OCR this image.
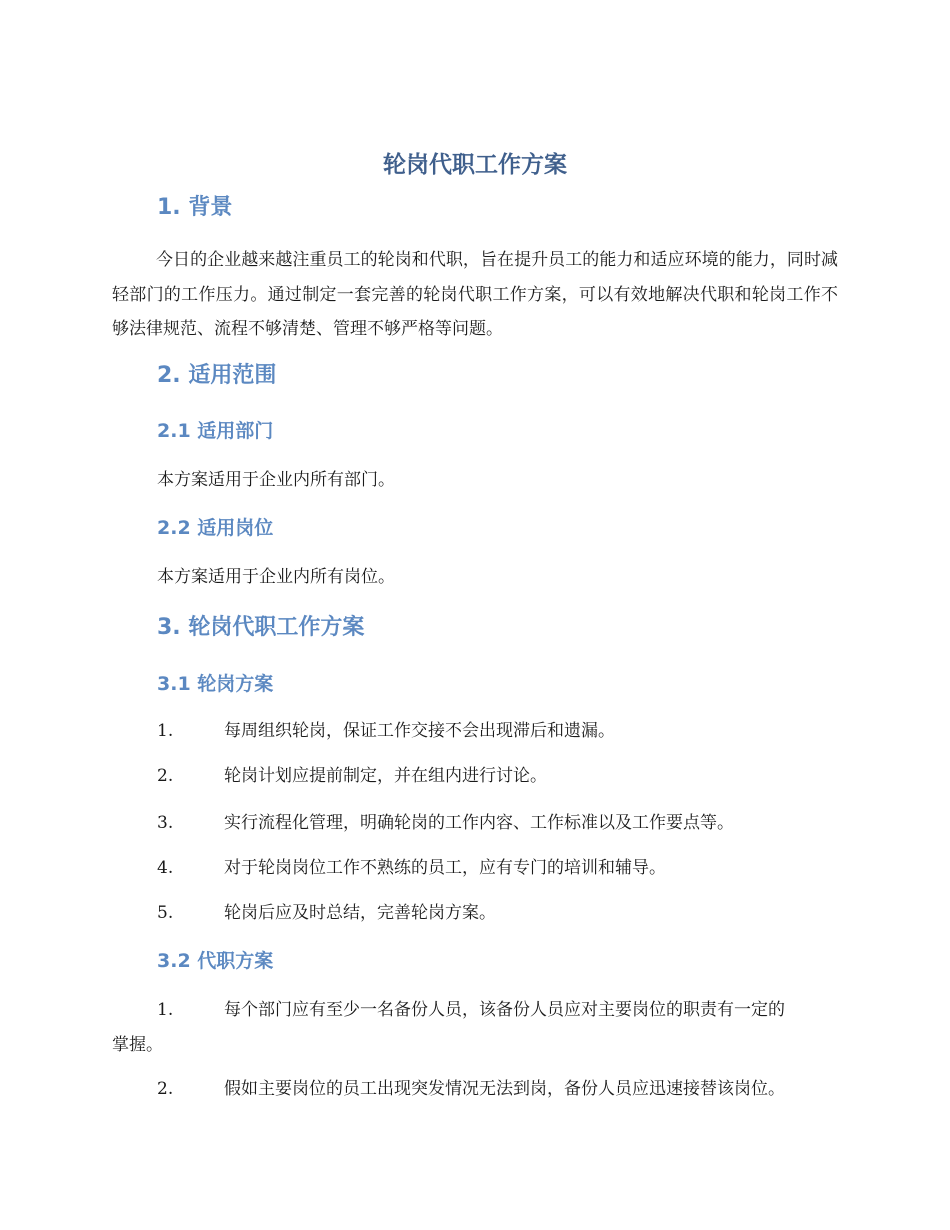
轮岗代职工作方案
1. 背景

今日的企业越来越注重员工的轮岗和代职，旨在提升员工的能力和适应环境的能力，同时减轻部门的工作压力。通过制定一套完善的轮岗代职工作方案，可以有效地解决代职和轮岗工作不够法律规范、流程不够清楚、管理不够严格等问题。

2. 适用范围
2.1 适用部门

本方案适用于企业内所有部门。

2.2 适用岗位

本方案适用于企业内所有岗位。

3. 轮岗代职工作方案
3.1 轮岗方案
1.	每周组织轮岗，保证工作交接不会出现滞后和遗漏。
2.	轮岗计划应提前制定，并在组内进行讨论。
3.	实行流程化管理，明确轮岗的工作内容、工作标准以及工作要点等。
4.	对于轮岗岗位工作不熟练的员工，应有专门的培训和辅导。
5.	轮岗后应及时总结，完善轮岗方案。
3.2 代职方案
1.	每个部门应有至少一名备份人员，该备份人员应对主要岗位的职责有一定的
掌握。
2.	假如主要岗位的员工出现突发情况无法到岗，备份人员应迅速接替该岗位。
